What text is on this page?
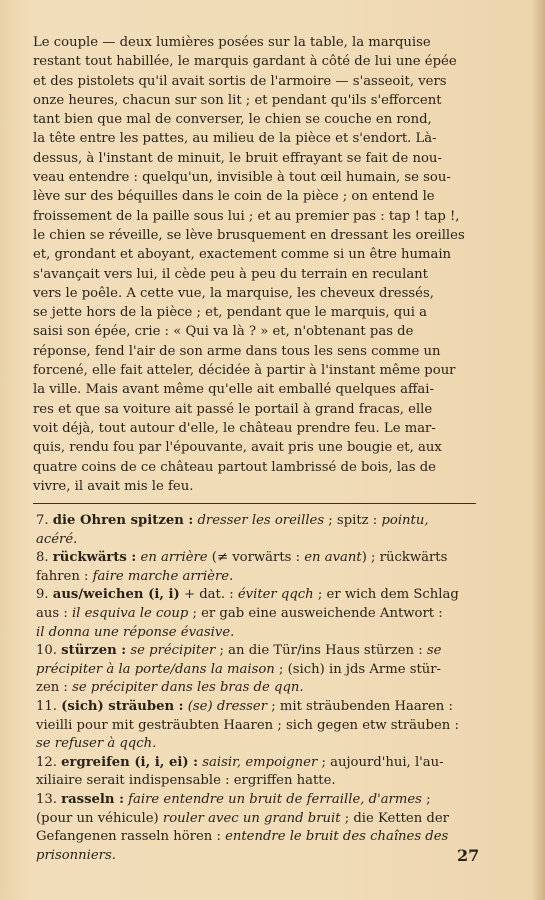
Le couple — deux lumières posées sur la table, la marquise
restant tout habillée, le marquis gardant à côté de lui une épée
et des pistolets qu'il avait sortis de l'armoire — s'asseoit, vers
onze heures, chacun sur son lit ; et pendant qu'ils s'efforcent
tant bien que mal de converser, le chien se couche en rond,
la tête entre les pattes, au milieu de la pièce et s'endort. Là-
dessus, à l'instant de minuit, le bruit effrayant se fait de nou-
veau entendre : quelqu'un, invisible à tout œil humain, se sou-
lève sur des béquilles dans le coin de la pièce ; on entend le
froissement de la paille sous lui ; et au premier pas : tap ! tap !,
le chien se réveille, se lève brusquement en dressant les oreilles
et, grondant et aboyant, exactement comme si un être humain
s'avançait vers lui, il cède peu à peu du terrain en reculant
vers le poêle. A cette vue, la marquise, les cheveux dressés,
se jette hors de la pièce ; et, pendant que le marquis, qui a
saisi son épée, crie : « Qui va là ? » et, n'obtenant pas de
réponse, fend l'air de son arme dans tous les sens comme un
forcené, elle fait atteler, décidée à partir à l'instant même pour
la ville. Mais avant même qu'elle ait emballé quelques affai-
res et que sa voiture ait passé le portail à grand fracas, elle
voit déjà, tout autour d'elle, le château prendre feu. Le mar-
quis, rendu fou par l'épouvante, avait pris une bougie et, aux
quatre coins de ce château partout lambrissé de bois, las de
vivre, il avait mis le feu.
7. die Ohren spitzen : dresser les oreilles ; spitz : pointu,
acéré.
8. rückwärts : en arrière (≠ vorwärts : en avant) ; rückwärts
fahren : faire marche arrière.
9. aus/weichen (i, i) + dat. : éviter qqch ; er wich dem Schlag
aus : il esquiva le coup ; er gab eine ausweichende Antwort :
il donna une réponse évasive.
10. stürzen : se précipiter ; an die Tür/ins Haus stürzen : se
précipiter à la porte/dans la maison ; (sich) in jds Arme stür-
zen : se précipiter dans les bras de qqn.
11. (sich) sträuben : (se) dresser ; mit sträubenden Haaren :
vieilli pour mit gesträubten Haaren ; sich gegen etw sträuben :
se refuser à qqch.
12. ergreifen (i, i, ei) : saisir, empoigner ; aujourd'hui, l'au-
xiliaire serait indispensable : ergriffen hatte.
13. rasseln : faire entendre un bruit de ferraille, d'armes ;
(pour un véhicule) rouler avec un grand bruit ; die Ketten der
Gefangenen rasseln hören : entendre le bruit des chaînes des
prisonniers.	27
